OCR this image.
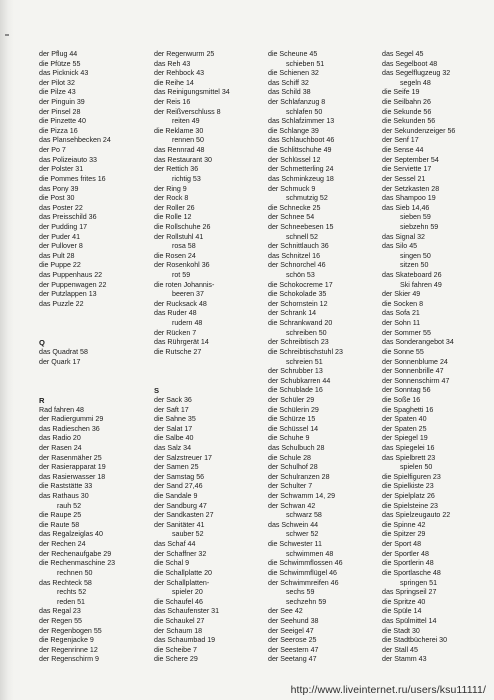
der Pflug 44
die Pfütze 55
das Picknick 43
der Pilot 32
die Pilze 43
der Pinguin 39
der Pinsel 28
die Pinzette 40
die Pizza 16
das Plansehbecken 24
der Po 7
das Polizeiauto 33
der Polster 31
die Pommes frites 16
das Pony 39
die Post 30
das Poster 22
das Preisschild 36
der Pudding 17
der Puder 41
der Pullover 8
das Pult 28
die Puppe 22
das Puppenhaus 22
der Puppenwagen 22
der Putzlappen 13
das Puzzle 22
Q
das Quadrat 58
der Quark 17
R
Rad fahren 48
der Radiergummi 29
das Radieschen 36
das Radio 20
der Rasen 24
der Rasenmäher 25
der Rasierapparat 19
das Rasierwasser 18
die Raststätte 33
das Rathaus 30
rauh 52
die Raupe 25
die Raute 58
das Regalzeiglas 40
der Rechen 24
der Rechenaufgabe 29
die Rechenmaschine 23
rechnen 50
das Rechteck 58
rechts 52
reden 51
das Regal 23
der Regen 55
der Regenbogen 55
die Regenjacke 9
der Regenrinne 12
der Regenschirm 9
der Regenwurm 25
das Reh 43
der Rehbock 43
die Reihe 14
das Reinigungsmittel 34
der Reis 16
der Reißverschluss 8
reiten 49
die Reklame 30
rennen 50
das Rennrad 48
das Restaurant 30
der Rettich 36
richtig 53
der Ring 9
der Rock 8
der Roller 26
die Rolle 12
die Rollschuhe 26
der Rollstuhl 41
rosa 58
die Rosen 24
der Rosenkohl 36
rot 59
die roten Johannis-
beeren 37
der Rucksack 48
das Ruder 48
rudern 48
der Rücken 7
das Rührgerät 14
die Rutsche 27
S
der Sack 36
der Saft 17
die Sahne 35
der Salat 17
die Salbe 40
das Salz 34
der Salzstreuer 17
der Samen 25
der Samstag 56
der Sand 27,46
die Sandale 9
der Sandburg 47
der Sandkasten 27
der Sanitäter 41
sauber 52
das Schaf 44
der Schaffner 32
die Schal 9
die Schallplatte 20
der Schallplatten-
spieler 20
die Schaufel 46
das Schaufenster 31
die Schaukel 27
der Schaum 18
das Schaumbad 19
die Scheibe 7
die Schere 29
die Scheune 45
schieben 51
die Schienen 32
das Schiff 32
das Schild 38
der Schlafanzug 8
schlafen 50
das Schlafzimmer 13
die Schlange 39
das Schlauchboot 46
die Schlittschuhe 49
der Schlüssel 12
der Schmetterling 24
das Schminkzeug 18
der Schmuck 9
schmutzig 52
die Schnecke 25
der Schnee 54
der Schneebesen 15
schnell 52
der Schnittlauch 36
das Schnitzel 16
der Schnorchel 46
schön 53
die Schokocreme 17
die Schokolade 35
der Schornstein 12
der Schrank 14
die Schrankwand 20
schreiben 50
der Schreibtisch 23
die Schreibtischstuhl 23
schreien 51
der Schrubber 13
der Schubkarren 44
die Schublade 16
der Schüler 29
die Schülerin 29
die Schürze 15
die Schüssel 14
die Schuhe 9
das Schulbuch 28
die Schule 28
der Schulhof 28
der Schulranzen 28
der Schulter 7
der Schwamm 14, 29
der Schwan 42
schwarz 58
das Schwein 44
schwer 52
die Schwester 11
schwimmen 48
die Schwimmflossen 46
die Schwimmflügel 46
der Schwimmreifen 46
sechs 59
sechzehn 59
der See 42
der Seehund 38
der Seeigel 47
der Seerose 25
der Seestern 47
der Seetang 47
das Segel 45
das Segelboot 48
das Segelflugzeug 32
segeln 48
die Seife 19
die Seilbahn 26
die Sekunde 56
die Sekunden 56
der Sekundenzeiger 56
der Senf 17
die Sense 44
der September 54
die Serviette 17
der Sessel 21
der Setzkasten 28
das Shampoo 19
das Sieb 14,46
sieben 59
siebzehn 59
das Signal 32
das Silo 45
singen 50
sitzen 50
das Skateboard 26
Ski fahren 49
der Skier 49
die Socken 8
das Sofa 21
der Sohn 11
der Sommer 55
das Sonderangebot 34
die Sonne 55
der Sonnenblume 24
der Sonnenbrille 47
der Sonnenschirm 47
der Sonntag 56
die Soße 16
die Spaghetti 16
der Spaten 40
der Spaten 25
der Spiegel 19
das Spiegelei 16
das Spielbrett 23
spielen 50
die Spielfiguren 23
die Spielkiste 23
der Spielplatz 26
die Spielsteine 23
das Spielzeugauto 22
die Spinne 42
die Spitzer 29
der Sport 48
der Sportler 48
die Sportlerin 48
die Sportlasche 48
springen 51
das Springseil 27
die Spritze 40
die Spüle 14
das Spülmittel 14
die Stadt 30
die Stadtbücherei 30
der Stall 45
der Stamm 43
http://www.liveinternet.ru/users/ksu11111/
